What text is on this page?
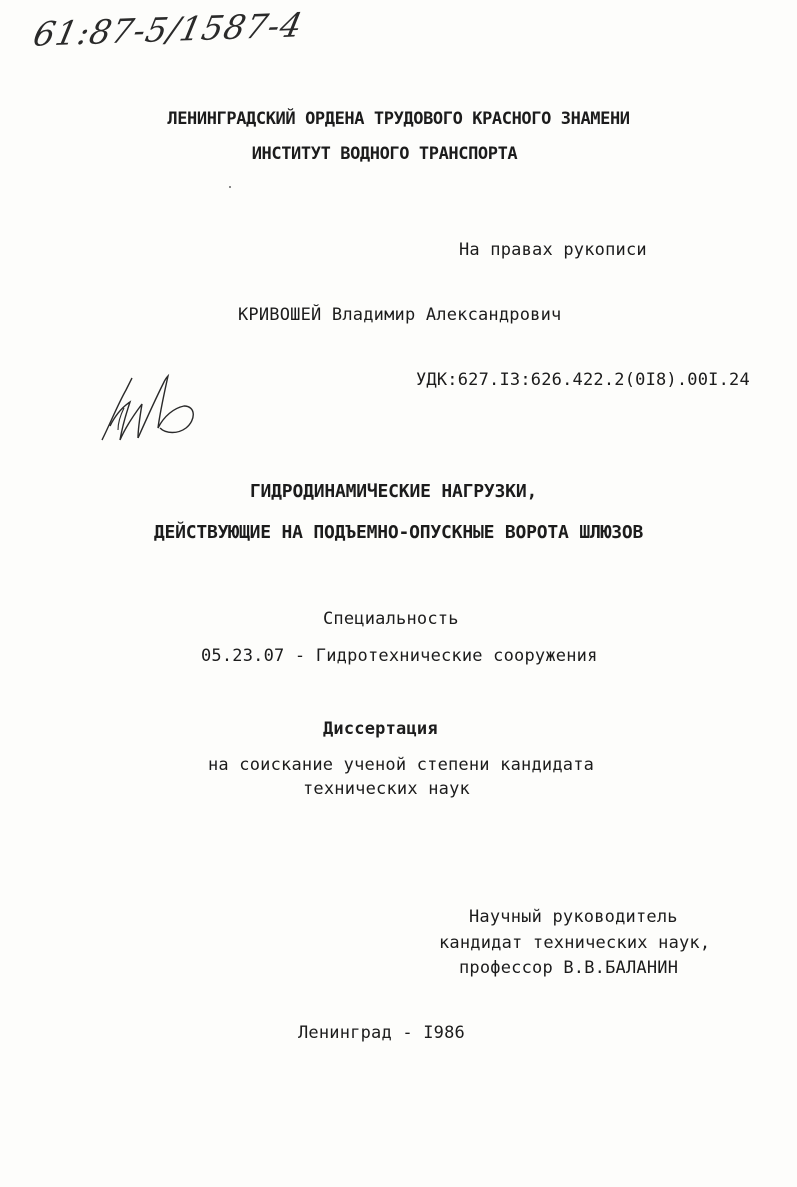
61:87-5/1587-4
ЛЕНИНГРАДСКИЙ ОРДЕНА ТРУДОВОГО КРАСНОГО ЗНАМЕНИ
ИНСТИТУТ ВОДНОГО ТРАНСПОРТА
На правах рукописи
КРИВОШЕЙ Владимир Александрович
УДК:627.I3:626.422.2(0I8).00I.24
ГИДРОДИНАМИЧЕСКИЕ НАГРУЗКИ,
ДЕЙСТВУЮЩИЕ НА ПОДЪЕМНО-ОПУСКНЫЕ ВОРОТА ШЛЮЗОВ
Специальность
05.23.07 - Гидротехнические сооружения
Диссертация
на соискание ученой степени кандидата
технических наук
Научный руководитель
кандидат технических наук,
профессор В.В.БАЛАНИН
Ленинград - I986
